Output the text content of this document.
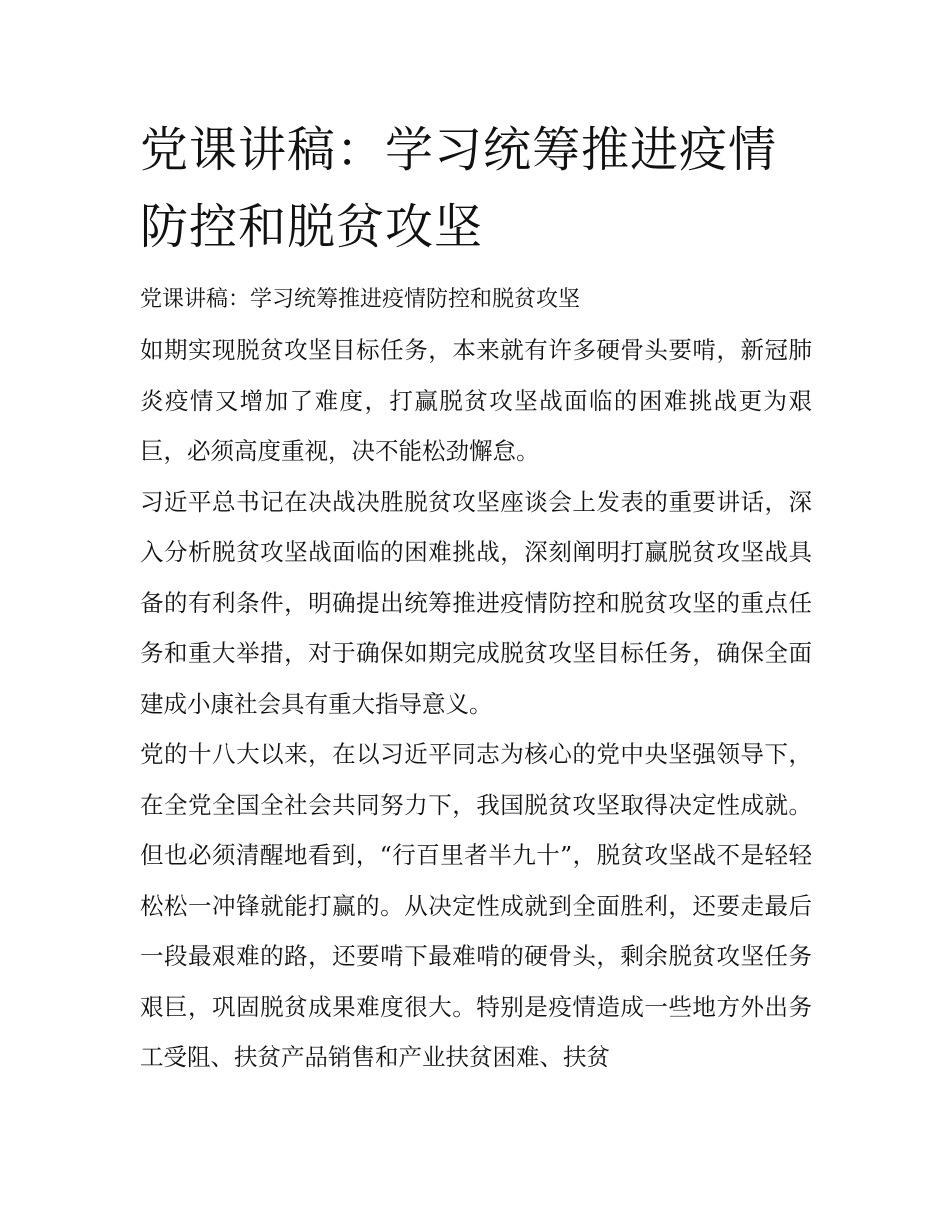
党课讲稿：学习统筹推进疫情防控和脱贫攻坚

党课讲稿：学习统筹推进疫情防控和脱贫攻坚

如期实现脱贫攻坚目标任务，本来就有许多硬骨头要啃，新冠肺炎疫情又增加了难度，打赢脱贫攻坚战面临的困难挑战更为艰巨，必须高度重视，决不能松劲懈怠。

习近平总书记在决战决胜脱贫攻坚座谈会上发表的重要讲话，深入分析脱贫攻坚战面临的困难挑战，深刻阐明打赢脱贫攻坚战具备的有利条件，明确提出统筹推进疫情防控和脱贫攻坚的重点任务和重大举措，对于确保如期完成脱贫攻坚目标任务，确保全面建成小康社会具有重大指导意义。

党的十八大以来，在以习近平同志为核心的党中央坚强领导下，在全党全国全社会共同努力下，我国脱贫攻坚取得决定性成就。但也必须清醒地看到，“行百里者半九十”，脱贫攻坚战不是轻轻松松一冲锋就能打赢的。从决定性成就到全面胜利，还要走最后一段最艰难的路，还要啃下最难啃的硬骨头，剩余脱贫攻坚任务艰巨，巩固脱贫成果难度很大。特别是疫情造成一些地方外出务工受阻、扶贫产品销售和产业扶贫困难、扶贫
